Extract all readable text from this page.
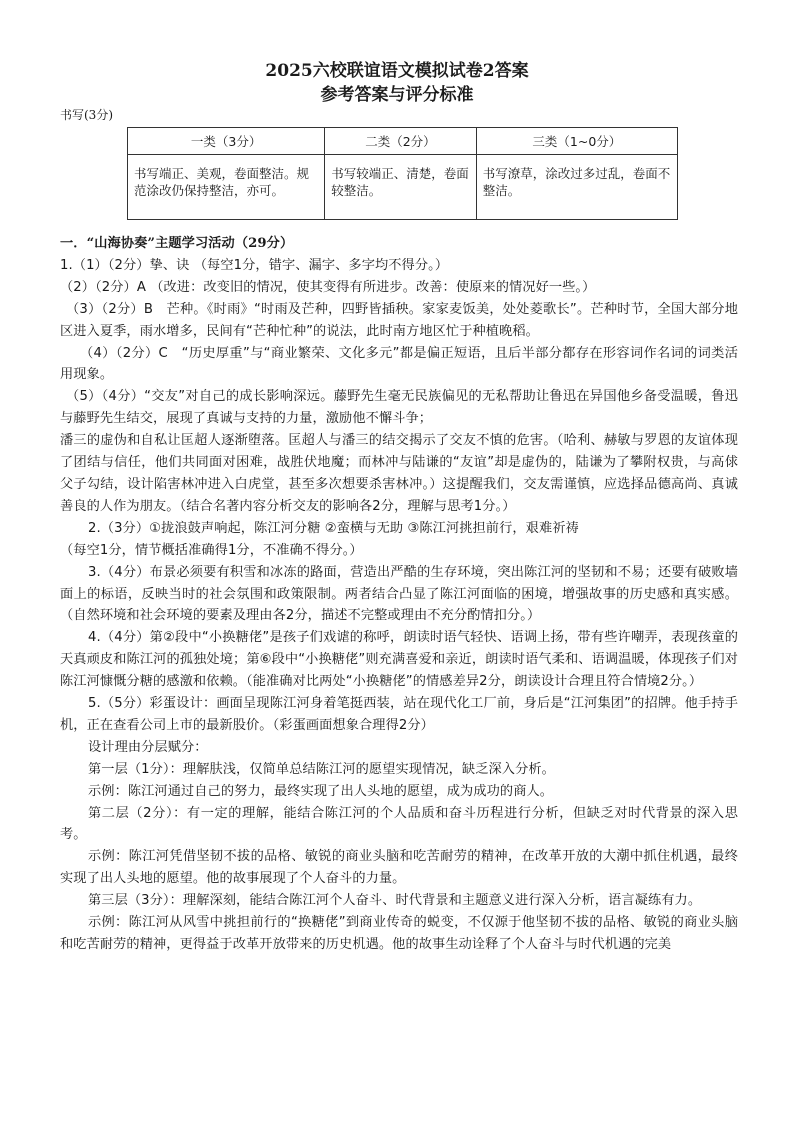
2025六校联谊语文模拟试卷2答案
参考答案与评分标准
书写(3分)
一类（3分）	二类（2分）	三类（1~0分）
书写端正、美观，卷面整洁。规范涂改仍保持整洁，亦可。	书写较端正、清楚，卷面较整洁。	书写潦草，涂改过多过乱，卷面不整洁。

一．“山海协奏”主题学习活动（29分）

1.（1）（2分）挚、诀 （每空1分，错字、漏字、多字均不得分。）

（2）（2分）A （改进：改变旧的情况，使其变得有所进步。改善：使原来的情况好一些。）

（3）（2分）B　芒种。《时雨》“时雨及芒种，四野皆插秧。家家麦饭美，处处菱歌长”。芒种时节，全国大部分地区进入夏季，雨水增多，民间有“芒种忙种”的说法，此时南方地区忙于种植晚稻。

（4）（2分）C　“历史厚重”与“商业繁荣、文化多元”都是偏正短语，且后半部分都存在形容词作名词的词类活用现象。

（5）（4分）“交友”对自己的成长影响深远。藤野先生毫无民族偏见的无私帮助让鲁迅在异国他乡备受温暖，鲁迅与藤野先生结交，展现了真诚与支持的力量，激励他不懈斗争；

潘三的虚伪和自私让匡超人逐渐堕落。匡超人与潘三的结交揭示了交友不慎的危害。（哈利、赫敏与罗恩的友谊体现了团结与信任，他们共同面对困难，战胜伏地魔；而林冲与陆谦的“友谊”却是虚伪的，陆谦为了攀附权贵，与高俅父子勾结，设计陷害林冲进入白虎堂，甚至多次想要杀害林冲。）这提醒我们，交友需谨慎，应选择品德高尚、真诚善良的人作为朋友。（结合名著内容分析交友的影响各2分，理解与思考1分。）

2.（3分）①拢浪鼓声响起，陈江河分糖 ②蛮横与无助 ③陈江河挑担前行，艰难祈祷

（每空1分，情节概括准确得1分，不准确不得分。）

3.（4分）布景必须要有积雪和冰冻的路面，营造出严酷的生存环境，突出陈江河的坚韧和不易；还要有破败墙面上的标语，反映当时的社会氛围和政策限制。两者结合凸显了陈江河面临的困境，增强故事的历史感和真实感。（自然环境和社会环境的要素及理由各2分，描述不完整或理由不充分酌情扣分。）

4.（4分）第②段中“小换糖佬”是孩子们戏谑的称呼，朗读时语气轻快、语调上扬，带有些许嘲弄，表现孩童的天真顽皮和陈江河的孤独处境；第⑥段中“小换糖佬”则充满喜爱和亲近，朗读时语气柔和、语调温暖，体现孩子们对陈江河慷慨分糖的感激和依赖。（能准确对比两处“小换糖佬”的情感差异2分，朗读设计合理且符合情境2分。）

5.（5分）彩蛋设计：画面呈现陈江河身着笔挺西装，站在现代化工厂前，身后是“江河集团”的招牌。他手持手机，正在查看公司上市的最新股价。（彩蛋画面想象合理得2分）

设计理由分层赋分：

第一层（1分）：理解肤浅，仅简单总结陈江河的愿望实现情况，缺乏深入分析。

示例：陈江河通过自己的努力，最终实现了出人头地的愿望，成为成功的商人。

第二层（2分）：有一定的理解，能结合陈江河的个人品质和奋斗历程进行分析，但缺乏对时代背景的深入思考。

示例：陈江河凭借坚韧不拔的品格、敏锐的商业头脑和吃苦耐劳的精神，在改革开放的大潮中抓住机遇，最终实现了出人头地的愿望。他的故事展现了个人奋斗的力量。

第三层（3分）：理解深刻，能结合陈江河个人奋斗、时代背景和主题意义进行深入分析，语言凝练有力。

示例：陈江河从风雪中挑担前行的“换糖佬”到商业传奇的蜕变，不仅源于他坚韧不拔的品格、敏锐的商业头脑和吃苦耐劳的精神，更得益于改革开放带来的历史机遇。他的故事生动诠释了个人奋斗与时代机遇的完美
